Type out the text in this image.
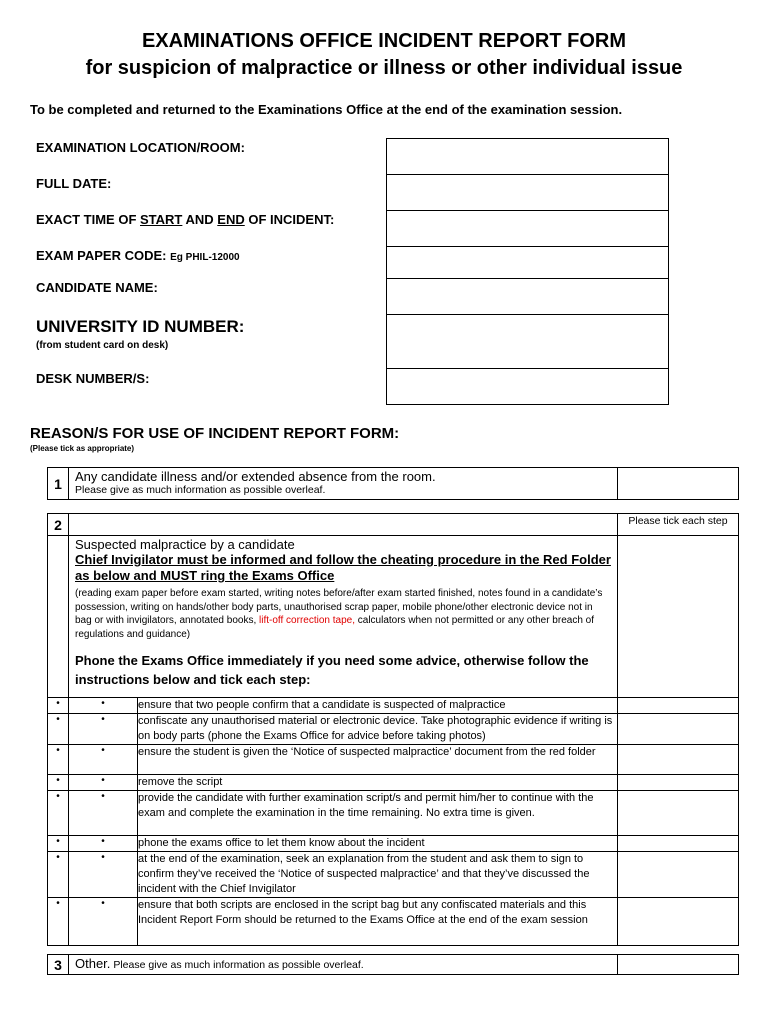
EXAMINATIONS OFFICE INCIDENT REPORT FORM
for suspicion of malpractice or illness or other individual issue
To be completed and returned to the Examinations Office at the end of the examination session.
EXAMINATION LOCATION/ROOM:
FULL DATE:
EXACT TIME OF START AND END OF INCIDENT:
EXAM PAPER CODE: Eg PHIL-12000
CANDIDATE NAME:
UNIVERSITY ID NUMBER:
(from student card on desk)
DESK NUMBER/S:
REASON/S FOR USE OF INCIDENT REPORT FORM:
(Please tick as appropriate)
1	Any candidate illness and/or extended absence from the room.
Please give as much information as possible overleaf.

2			Please tick each step

	Suspected malpractice by a candidate
Chief Invigilator must be informed and follow the cheating procedure in the Red Folder as below and MUST ring the Exams Office
(reading exam paper before exam started, writing notes before/after exam started finished, notes found in a candidate’s possession, writing on hands/other body parts, unauthorised scrap paper, mobile phone/other electronic device not in bag or with invigilators, annotated books, lift-off correction tape, calculators when not permitted or any other breach of regulations and guidance)
Phone the Exams Office immediately if you need some advice, otherwise follow the instructions below and tick each step:		

•	•	ensure that two people confirm that a candidate is suspected of malpractice	
•	•	confiscate any unauthorised material or electronic device. Take photographic evidence if writing is on body parts (phone the Exams Office for advice before taking photos)	
•	•	ensure the student is given the ‘Notice of suspected malpractice’ document from the red folder	
•	•	remove the script	
•	•	provide the candidate with further examination script/s and permit him/her to continue with the exam and complete the examination in the time remaining. No extra time is given.	
•	•	phone the exams office to let them know about the incident	
•	•	at the end of the examination, seek an explanation from the student and ask them to sign to confirm they’ve received the ‘Notice of suspected malpractice’ and that they’ve discussed the incident with the Chief Invigilator	
•	•	ensure that both scripts are enclosed in the script bag but any confiscated materials and this Incident Report Form should be returned to the Exams Office at the end of the exam session	
3	Other. Please give as much information as possible overleaf.	
